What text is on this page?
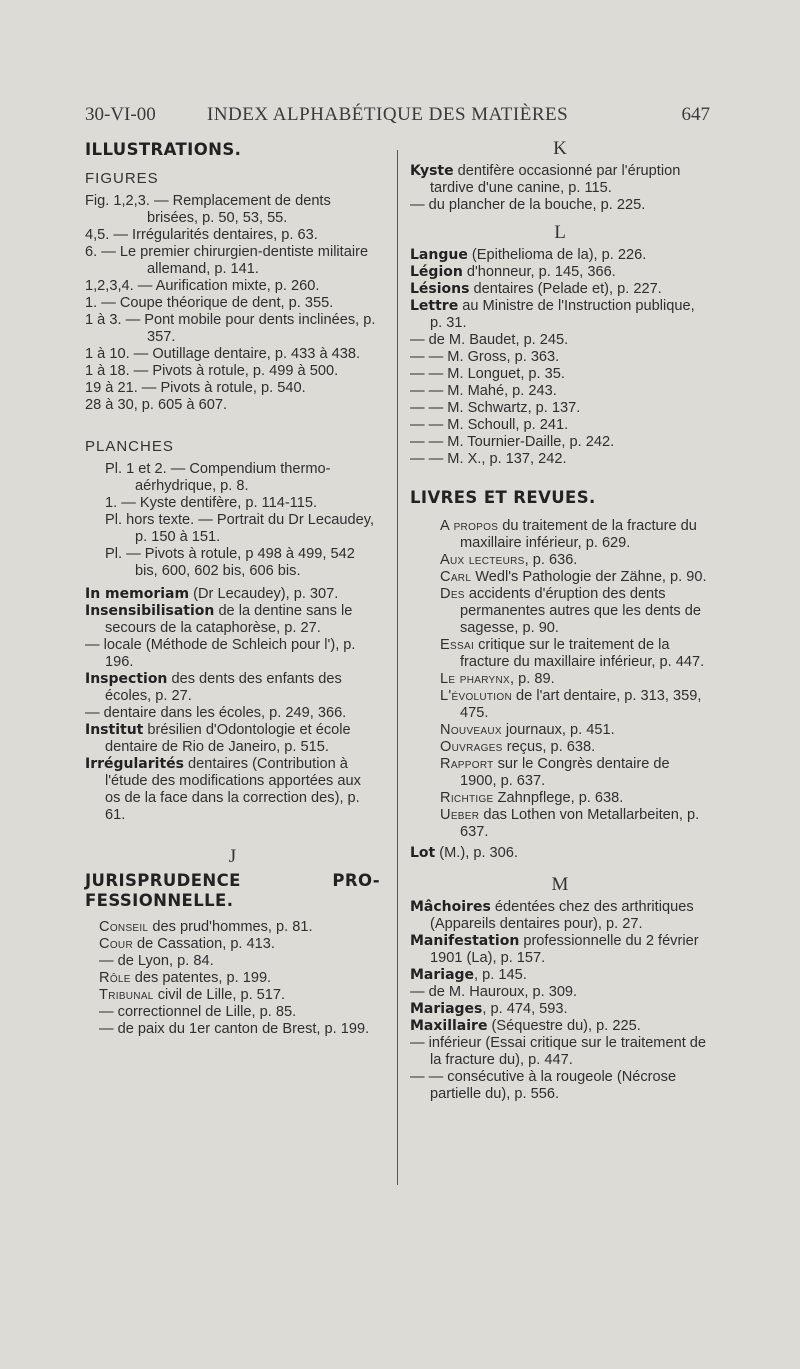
30-VI-00	INDEX ALPHABÉTIQUE DES MATIÈRES	647
ILLUSTRATIONS.
FIGURES

Fig. 1,2,3. — Remplacement de dents brisées, p. 50, 53, 55.

4,5. — Irrégularités dentaires, p. 63.

6. — Le premier chirurgien-dentiste militaire allemand, p. 141.

1,2,3,4. — Aurification mixte, p. 260.

1. — Coupe théorique de dent, p. 355.

1 à 3. — Pont mobile pour dents inclinées, p. 357.

1 à 10. — Outillage dentaire, p. 433 à 438.

1 à 18. — Pivots à rotule, p. 499 à 500.

19 à 21. — Pivots à rotule, p. 540.

28 à 30, p. 605 à 607.

PLANCHES

Pl. 1 et 2. — Compendium thermo-aérhydrique, p. 8.

1. — Kyste dentifère, p. 114-115.

Pl. hors texte. — Portrait du Dr Lecaudey, p. 150 à 151.

Pl. — Pivots à rotule, p 498 à 499, 542 bis, 600, 602 bis, 606 bis.

In memoriam (Dr Lecaudey), p. 307.

Insensibilisation de la dentine sans le secours de la cataphorèse, p. 27.

— locale (Méthode de Schleich pour l'), p. 196.

Inspection des dents des enfants des écoles, p. 27.

— dentaire dans les écoles, p. 249, 366.

Institut brésilien d'Odontologie et école dentaire de Rio de Janeiro, p. 515.

Irrégularités dentaires (Contribution à l'étude des modifications apportées aux os de la face dans la correction des), p. 61.

J
JURISPRUDENCE	PRO-
FESSIONNELLE.

Conseil des prud'hommes, p. 81.

Cour de Cassation, p. 413.

— de Lyon, p. 84.

Rôle des patentes, p. 199.

Tribunal civil de Lille, p. 517.

— correctionnel de Lille, p. 85.

— de paix du 1er canton de Brest, p. 199.

K

Kyste dentifère occasionné par l'éruption tardive d'une canine, p. 115.

— du plancher de la bouche, p. 225.

L

Langue (Epithelioma de la), p. 226.

Légion d'honneur, p. 145, 366.

Lésions dentaires (Pelade et), p. 227.

Lettre au Ministre de l'Instruction publique, p. 31.

— de M. Baudet, p. 245.

— — M. Gross, p. 363.

— — M. Longuet, p. 35.

— — M. Mahé, p. 243.

— — M. Schwartz, p. 137.

— — M. Schoull, p. 241.

— — M. Tournier-Daille, p. 242.

— — M. X., p. 137, 242.

LIVRES ET REVUES.

A propos du traitement de la fracture du maxillaire inférieur, p. 629.

Aux lecteurs, p. 636.

Carl Wedl's Pathologie der Zähne, p. 90.

Des accidents d'éruption des dents permanentes autres que les dents de sagesse, p. 90.

Essai critique sur le traitement de la fracture du maxillaire inférieur, p. 447.

Le pharynx, p. 89.

L'évolution de l'art dentaire, p. 313, 359, 475.

Nouveaux journaux, p. 451.

Ouvrages reçus, p. 638.

Rapport sur le Congrès dentaire de 1900, p. 637.

Richtige Zahnpflege, p. 638.

Ueber das Lothen von Metallarbeiten, p. 637.

Lot (M.), p. 306.

M

Mâchoires édentées chez des arthritiques (Appareils dentaires pour), p. 27.

Manifestation professionnelle du 2 février 1901 (La), p. 157.

Mariage, p. 145.

— de M. Hauroux, p. 309.

Mariages, p. 474, 593.

Maxillaire (Séquestre du), p. 225.

— inférieur (Essai critique sur le traitement de la fracture du), p. 447.

— — consécutive à la rougeole (Nécrose partielle du), p. 556.
